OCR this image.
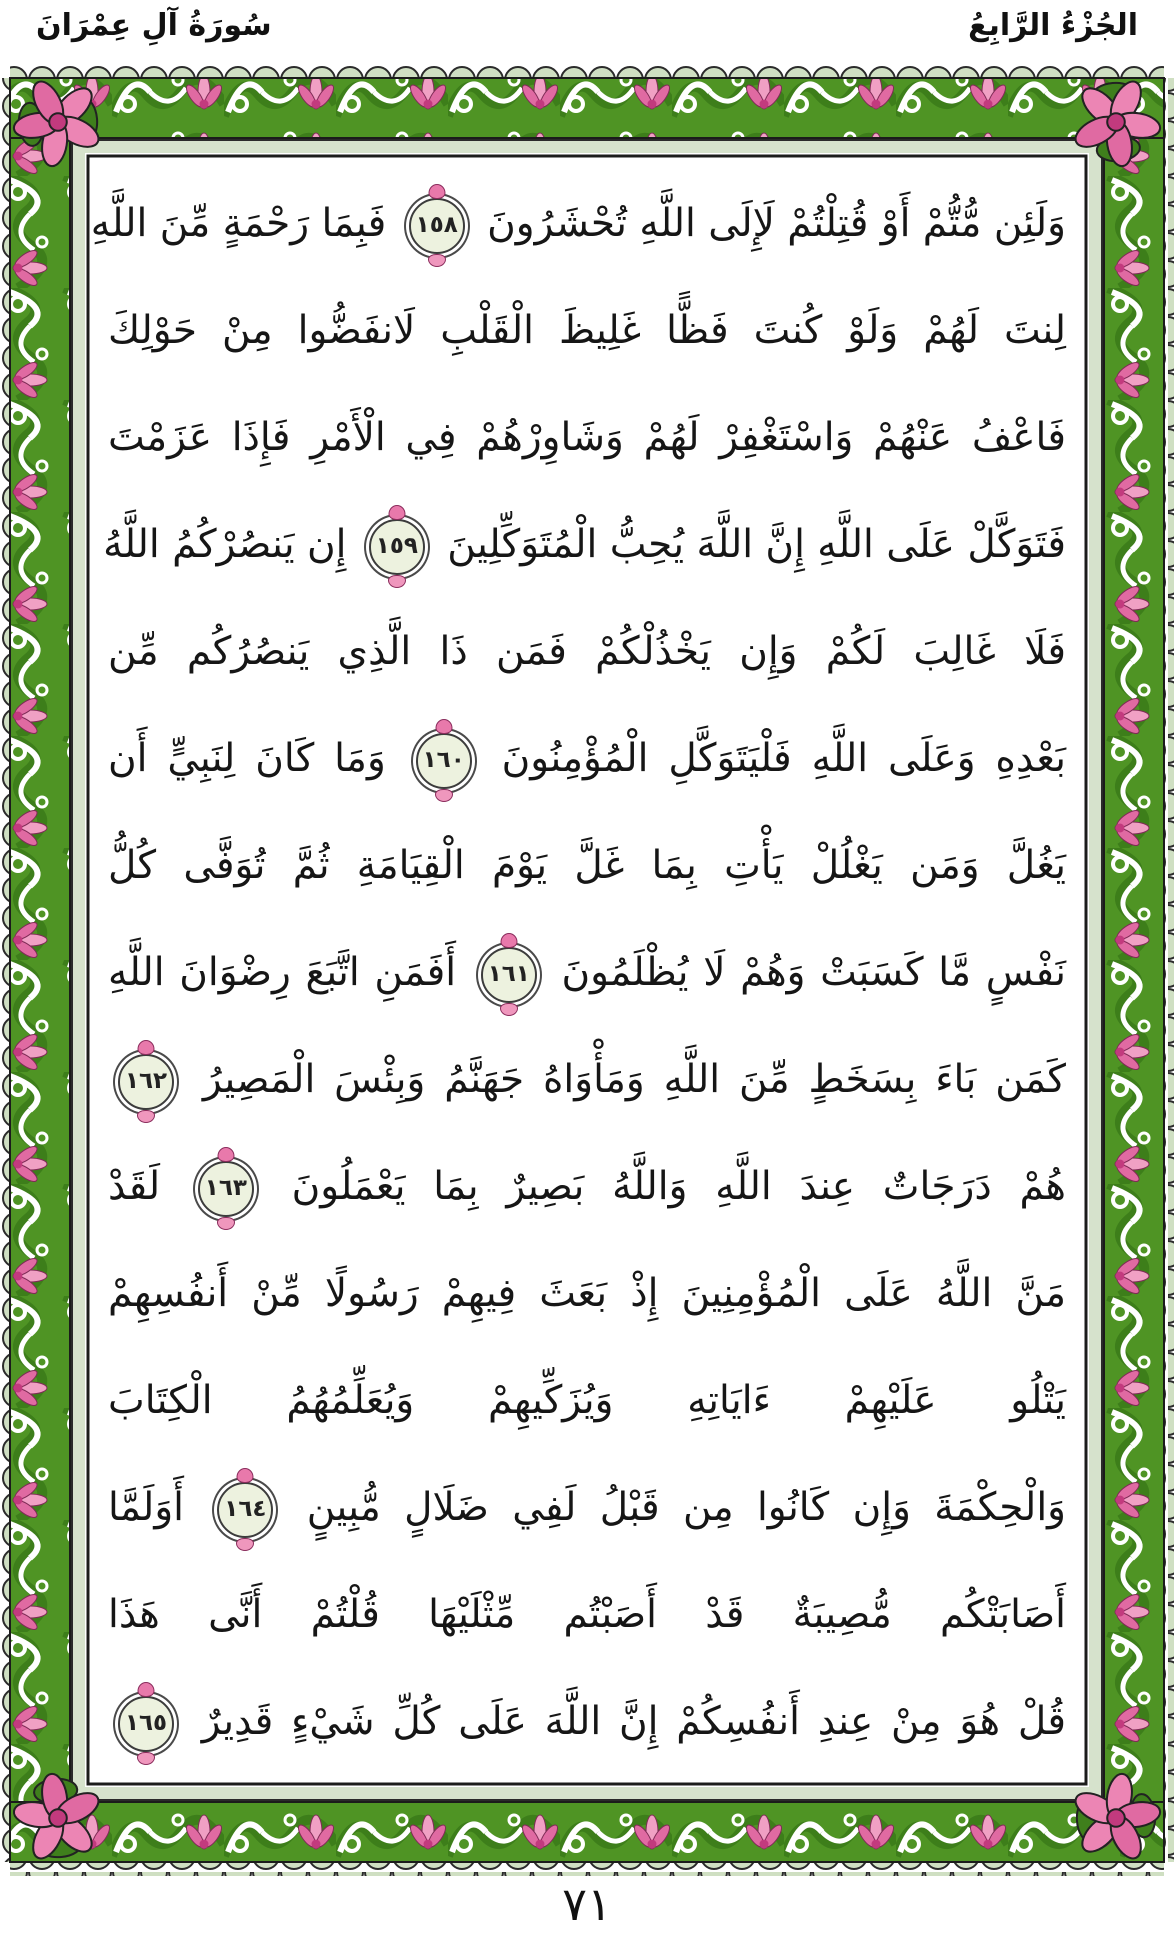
الجُزْءُ الرَّابِعُ
سُورَةُ آلِ عِمْرَانَ
وَلَئِن مُّتُّمْ أَوْ قُتِلْتُمْ لَإِلَى اللَّهِ تُحْشَرُونَ ١٥٨ فَبِمَا رَحْمَةٍ مِّنَ اللَّهِ
لِنتَ لَهُمْ وَلَوْ كُنتَ فَظًّا غَلِيظَ الْقَلْبِ لَانفَضُّوا مِنْ حَوْلِكَ
فَاعْفُ عَنْهُمْ وَاسْتَغْفِرْ لَهُمْ وَشَاوِرْهُمْ فِي الْأَمْرِ فَإِذَا عَزَمْتَ
فَتَوَكَّلْ عَلَى اللَّهِ إِنَّ اللَّهَ يُحِبُّ الْمُتَوَكِّلِينَ ١٥٩ إِن يَنصُرْكُمُ اللَّهُ
فَلَا غَالِبَ لَكُمْ وَإِن يَخْذُلْكُمْ فَمَن ذَا الَّذِي يَنصُرُكُم مِّن
بَعْدِهِ وَعَلَى اللَّهِ فَلْيَتَوَكَّلِ الْمُؤْمِنُونَ ١٦٠ وَمَا كَانَ لِنَبِيٍّ أَن
يَغُلَّ وَمَن يَغْلُلْ يَأْتِ بِمَا غَلَّ يَوْمَ الْقِيَامَةِ ثُمَّ تُوَفَّى كُلُّ
نَفْسٍ مَّا كَسَبَتْ وَهُمْ لَا يُظْلَمُونَ ١٦١ أَفَمَنِ اتَّبَعَ رِضْوَانَ اللَّهِ
كَمَن بَاءَ بِسَخَطٍ مِّنَ اللَّهِ وَمَأْوَاهُ جَهَنَّمُ وَبِئْسَ الْمَصِيرُ ١٦٢
هُمْ دَرَجَاتٌ عِندَ اللَّهِ وَاللَّهُ بَصِيرٌ بِمَا يَعْمَلُونَ ١٦٣ لَقَدْ
مَنَّ اللَّهُ عَلَى الْمُؤْمِنِينَ إِذْ بَعَثَ فِيهِمْ رَسُولًا مِّنْ أَنفُسِهِمْ
يَتْلُو عَلَيْهِمْ ءَايَاتِهِ وَيُزَكِّيهِمْ وَيُعَلِّمُهُمُ الْكِتَابَ
وَالْحِكْمَةَ وَإِن كَانُوا مِن قَبْلُ لَفِي ضَلَالٍ مُّبِينٍ ١٦٤ أَوَلَمَّا
أَصَابَتْكُم مُّصِيبَةٌ قَدْ أَصَبْتُم مِّثْلَيْهَا قُلْتُمْ أَنَّى هَذَا
قُلْ هُوَ مِنْ عِندِ أَنفُسِكُمْ إِنَّ اللَّهَ عَلَى كُلِّ شَيْءٍ قَدِيرٌ ١٦٥
٧١
